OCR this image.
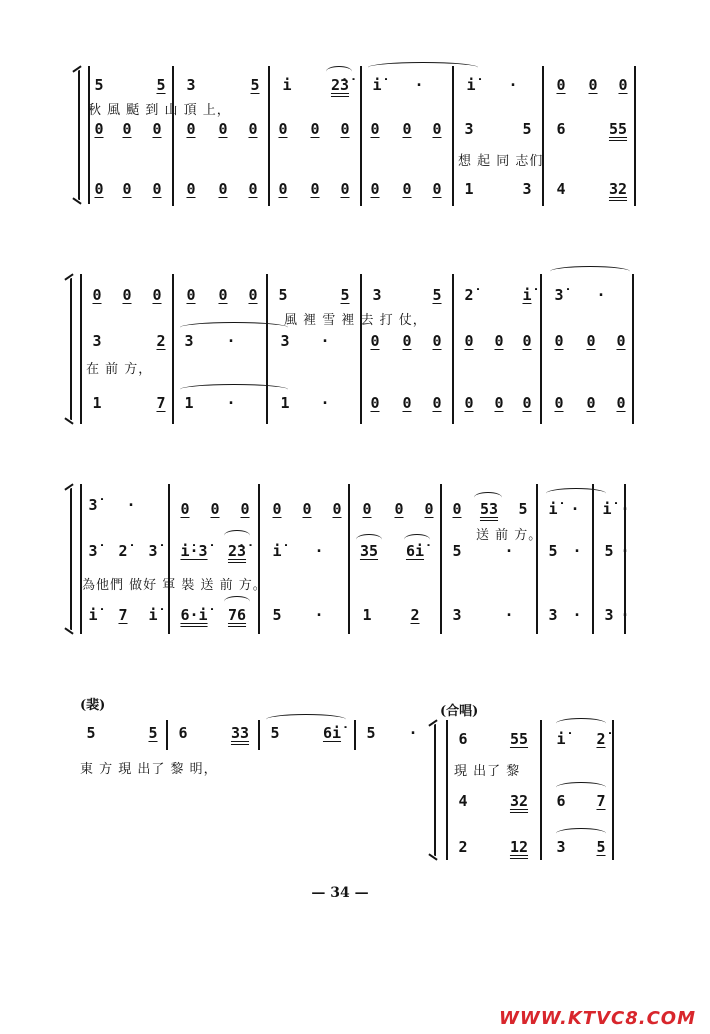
5	5	3	5	i	2̇3̇	i̇	·	i̇	·	0	0	0
秋 風 颳 到 山 頂 上，
0	0	0	0	0	0	0	0	0	0	0	0	3	5	6	55
想 起 同 志们
0	0	0	0	0	0	0	0	0	0	0	0	1	3	4	32
0	0	0	0	0	0	5	5	3	5	2̇	i̇	3̇	·
風 裡 雪 裡 去 打 仗，
3	2	3	·	3	·	0	0	0	0	0	0	0	0	0
在 前 方，
1	7	1	·	1	·	0	0	0	0	0	0	0	0	0
3̇	·	0	0	0	0	0	0	0	0	0	0	53	5	i̇ ·	i̇ ·
送 前 方。
3̇	2̇	3̇	i̇·3̇	2̇3̇	i̇	·	35	6i̇	5	·	5 ·	5 ·
為他們 做好 軍 裝 送 前 方。
i̇	7	i̇	6·i̇	76	5	·	1	2	3	·	3 ·	3 ·
(裴)
5	5	6	33	5	6i̇	5	·
東 方 現 出了 黎 明，
(合唱)
6	55	i̇	2̇
現 出了 黎
4	32	6	7
2	12	3	5
— 34 —
WWW.KTVC8.COM
